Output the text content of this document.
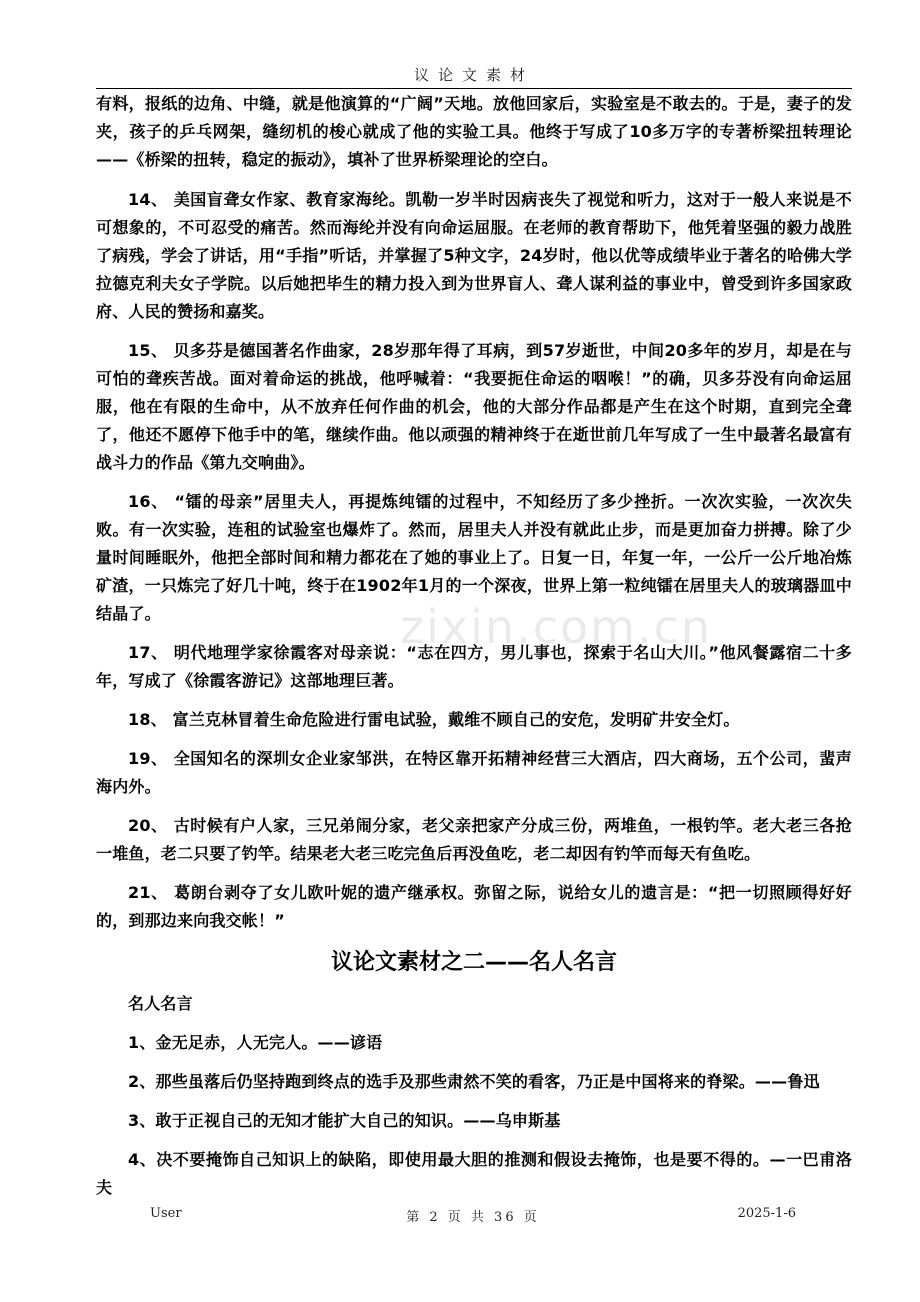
议论文素材
zixin.com.cn

有料，报纸的边角、中缝，就是他演算的“广阔”天地。放他回家后，实验室是不敢去的。于是，妻子的发夹，孩子的乒乓网架，缝纫机的梭心就成了他的实验工具。他终于写成了10多万字的专著桥梁扭转理论——《桥梁的扭转，稳定的振动》，填补了世界桥梁理论的空白。

14、 美国盲聋女作家、教育家海纶。凯勒一岁半时因病丧失了视觉和听力，这对于一般人来说是不可想象的，不可忍受的痛苦。然而海纶并没有向命运屈服。在老师的教育帮助下，他凭着坚强的毅力战胜了病残，学会了讲话，用“手指”听话，并掌握了5种文字，24岁时，他以优等成绩毕业于著名的哈佛大学拉德克利夫女子学院。以后她把毕生的精力投入到为世界盲人、聋人谋利益的事业中，曾受到许多国家政府、人民的赞扬和嘉奖。

15、 贝多芬是德国著名作曲家，28岁那年得了耳病，到57岁逝世，中间20多年的岁月，却是在与可怕的聋疾苦战。面对着命运的挑战，他呼喊着：“我要扼住命运的咽喉！”的确，贝多芬没有向命运屈服，他在有限的生命中，从不放弃任何作曲的机会，他的大部分作品都是产生在这个时期，直到完全聋了，他还不愿停下他手中的笔，继续作曲。他以顽强的精神终于在逝世前几年写成了一生中最著名最富有战斗力的作品《第九交响曲》。

16、 “镭的母亲”居里夫人，再提炼纯镭的过程中，不知经历了多少挫折。一次次实验，一次次失败。有一次实验，连租的试验室也爆炸了。然而，居里夫人并没有就此止步，而是更加奋力拼搏。除了少量时间睡眠外，他把全部时间和精力都花在了她的事业上了。日复一日，年复一年，一公斤一公斤地冶炼矿渣，一只炼完了好几十吨，终于在1902年1月的一个深夜，世界上第一粒纯镭在居里夫人的玻璃器皿中结晶了。

17、 明代地理学家徐霞客对母亲说：“志在四方，男儿事也，探索于名山大川。”他风餐露宿二十多年，写成了《徐霞客游记》这部地理巨著。

18、 富兰克林冒着生命危险进行雷电试验，戴维不顾自己的安危，发明矿井安全灯。

19、 全国知名的深圳女企业家邹洪，在特区靠开拓精神经营三大酒店，四大商场，五个公司，蜚声海内外。

20、 古时候有户人家，三兄弟闹分家，老父亲把家产分成三份，两堆鱼，一根钓竿。老大老三各抢一堆鱼，老二只要了钓竿。结果老大老三吃完鱼后再没鱼吃，老二却因有钓竿而每天有鱼吃。

21、 葛朗台剥夺了女儿欧叶妮的遗产继承权。弥留之际，说给女儿的遗言是：“把一切照顾得好好的，到那边来向我交帐！”

议论文素材之二——名人名言

名人名言

1、金无足赤，人无完人。——谚语

2、那些虽落后仍坚持跑到终点的选手及那些肃然不笑的看客，乃正是中国将来的脊梁。——鲁迅

3、敢于正视自己的无知才能扩大自己的知识。——乌申斯基

4、决不要掩饰自己知识上的缺陷，即使用最大胆的推测和假设去掩饰，也是要不得的。—一巴甫洛夫

User	第 2 页 共 36 页	2025-1-6
